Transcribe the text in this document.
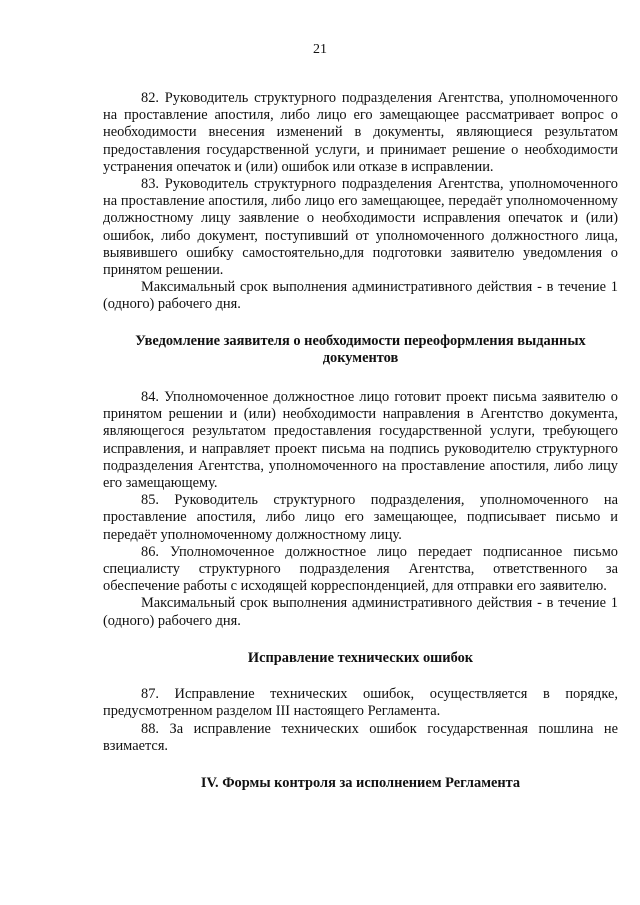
21

82. Руководитель структурного подразделения Агентства, уполномоченного на проставление апостиля, либо лицо его замещающее рассматривает вопрос о необходимости внесения изменений в документы, являющиеся результатом предоставления государственной услуги, и принимает решение о необходимости устранения опечаток и (или) ошибок или отказе в исправлении.

83. Руководитель структурного подразделения Агентства, уполномоченного на проставление апостиля, либо лицо его замещающее, передаёт уполномоченному должностному лицу заявление о необходимости исправления опечаток и (или) ошибок, либо документ, поступивший от уполномоченного должностного лица, выявившего ошибку самостоятельно,для подготовки заявителю уведомления о принятом решении.

Максимальный срок выполнения административного действия - в течение 1 (одного) рабочего дня.

Уведомление заявителя о необходимости переоформления выданных документов

84. Уполномоченное должностное лицо готовит проект письма заявителю о принятом решении и (или) необходимости направления в Агентство документа, являющегося результатом предоставления государственной услуги, требующего исправления, и направляет проект письма на подпись руководителю структурного подразделения Агентства, уполномоченного на проставление апостиля, либо лицу его замещающему.

85. Руководитель структурного подразделения, уполномоченного на проставление апостиля, либо лицо его замещающее, подписывает письмо и передаёт уполномоченному должностному лицу.

86. Уполномоченное должностное лицо передает подписанное письмо специалисту структурного подразделения Агентства, ответственного за обеспечение работы с исходящей корреспонденцией, для отправки его заявителю.

Максимальный срок выполнения административного действия - в течение 1 (одного) рабочего дня.

Исправление технических ошибок

87. Исправление технических ошибок, осуществляется в порядке, предусмотренном разделом III настоящего Регламента.

88. За исправление технических ошибок государственная пошлина не взимается.

IV. Формы контроля за исполнением Регламента
